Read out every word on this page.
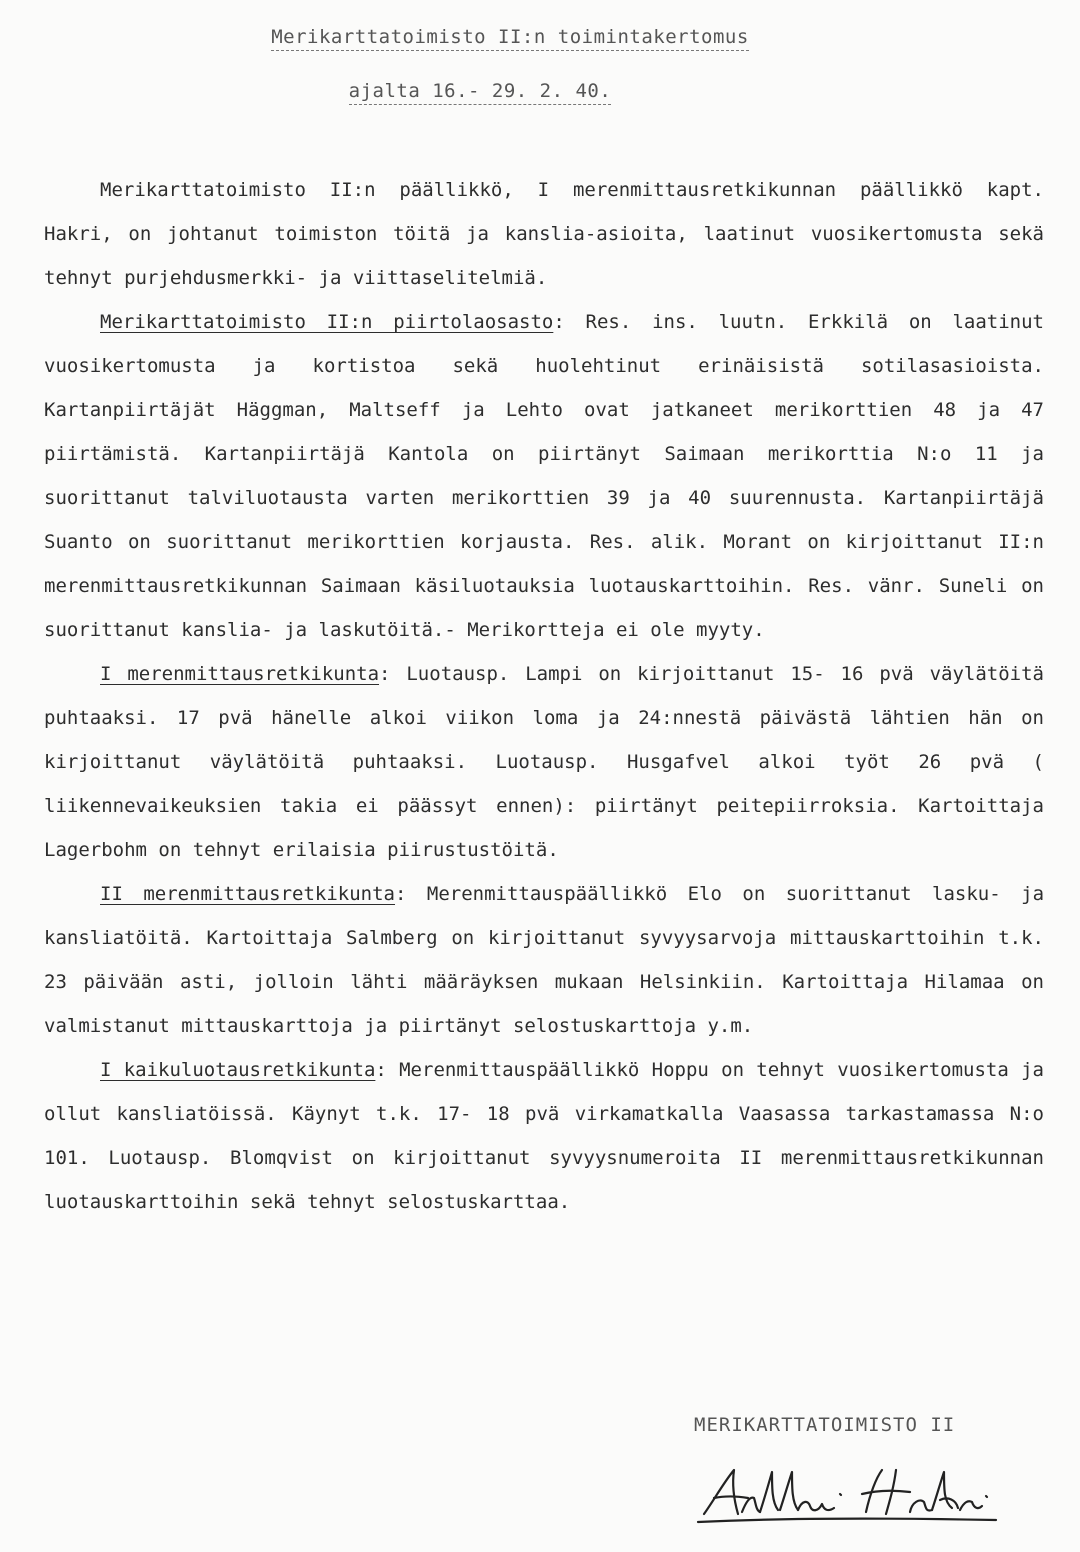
Merikarttatoimisto II:n toimintakertomus
ajalta 16.- 29. 2. 40.

Merikarttatoimisto II:n päällikkö, I merenmittausretkikunnan päällikkö kapt. Hakri, on johtanut toimiston töitä ja kanslia-asioita, laatinut vuosikertomusta sekä tehnyt purjehdusmerkki- ja viittaselitelmiä.

Merikarttatoimisto II:n piirtolaosasto: Res. ins. luutn. Erkkilä on laatinut vuosikertomusta ja kortistoa sekä huolehtinut erinäisistä sotilasasioista. Kartanpiirtäjät Häggman, Maltseff ja Lehto ovat jatkaneet merikorttien 48 ja 47 piirtämistä. Kartanpiirtäjä Kantola on piirtänyt Saimaan merikorttia N:o 11 ja suorittanut talviluotausta varten merikorttien 39 ja 40 suurennusta. Kartanpiirtäjä Suanto on suorittanut merikorttien korjausta. Res. alik. Morant on kirjoittanut II:n merenmittausretkikunnan Saimaan käsiluotauksia luotauskarttoihin. Res. vänr. Suneli on suorittanut kanslia- ja laskutöitä.- Merikortteja ei ole myyty.

I merenmittausretkikunta: Luotausp. Lampi on kirjoittanut 15- 16 pvä väylätöitä puhtaaksi. 17 pvä hänelle alkoi viikon loma ja 24:nnestä päivästä lähtien hän on kirjoittanut väylätöitä puhtaaksi. Luotausp. Husgafvel alkoi työt 26 pvä ( liikennevaikeuksien takia ei päässyt ennen): piirtänyt peitepiirroksia. Kartoittaja Lagerbohm on tehnyt erilaisia piirustustöitä.

II merenmittausretkikunta: Merenmittauspäällikkö Elo on suorittanut lasku- ja kansliatöitä. Kartoittaja Salmberg on kirjoittanut syvyysarvoja mittauskarttoihin t.k. 23 päivään asti, jolloin lähti määräyksen mukaan Helsinkiin. Kartoittaja Hilamaa on valmistanut mittauskarttoja ja piirtänyt selostuskarttoja y.m.

I kaikuluotausretkikunta: Merenmittauspäällikkö Hoppu on tehnyt vuosikertomusta ja ollut kansliatöissä. Käynyt t.k. 17- 18 pvä virkamatkalla Vaasassa tarkastamassa N:o 101. Luotausp. Blomqvist on kirjoittanut syvyysnumeroita II merenmittausretkikunnan luotauskarttoihin sekä tehnyt selostuskarttaa.

MERIKARTTATOIMISTO II
